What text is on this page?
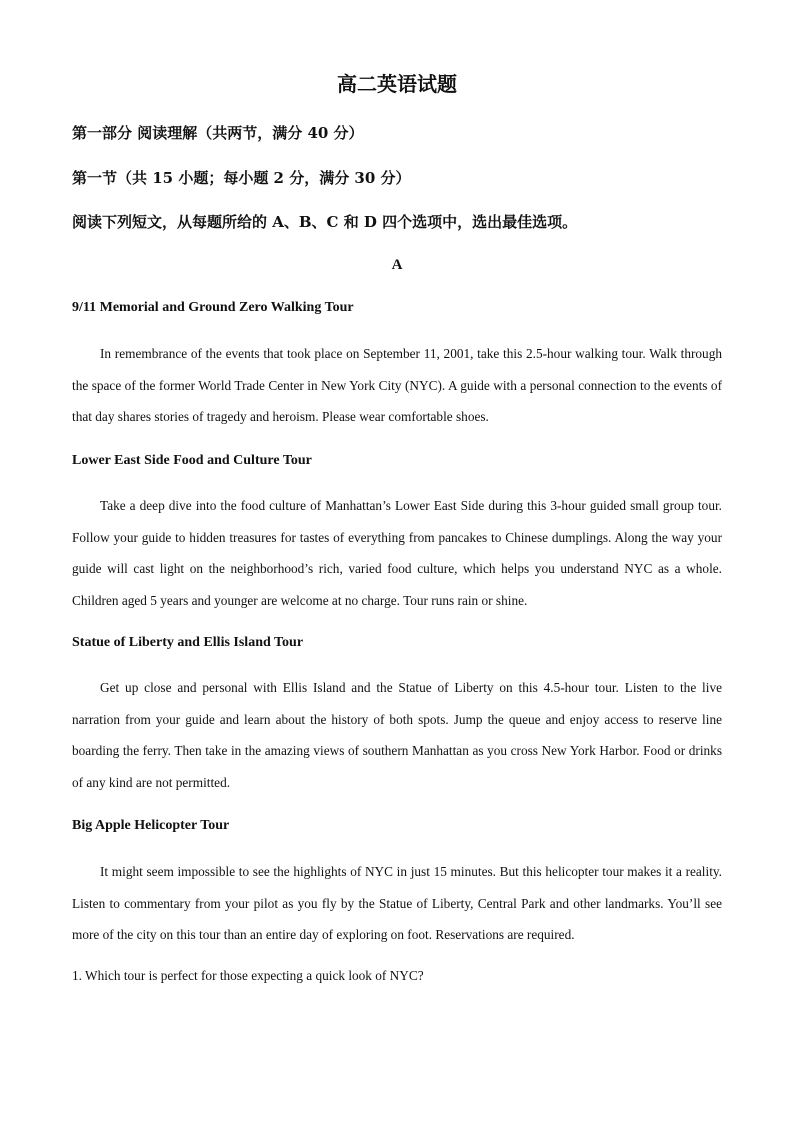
高二英语试题

第一部分 阅读理解（共两节，满分 40 分）

第一节（共 15 小题；每小题 2 分，满分 30 分）

阅读下列短文，从每题所给的 A、B、C 和 D 四个选项中，选出最佳选项。

A

9/11 Memorial and Ground Zero Walking Tour

In remembrance of the events that took place on September 11, 2001, take this 2.5-hour walking tour. Walk through the space of the former World Trade Center in New York City (NYC). A guide with a personal connection to the events of that day shares stories of tragedy and heroism. Please wear comfortable shoes.

Lower East Side Food and Culture Tour

Take a deep dive into the food culture of Manhattan’s Lower East Side during this 3-hour guided small group tour. Follow your guide to hidden treasures for tastes of everything from pancakes to Chinese dumplings. Along the way your guide will cast light on the neighborhood’s rich, varied food culture, which helps you understand NYC as a whole. Children aged 5 years and younger are welcome at no charge. Tour runs rain or shine.

Statue of Liberty and Ellis Island Tour

Get up close and personal with Ellis Island and the Statue of Liberty on this 4.5-hour tour. Listen to the live narration from your guide and learn about the history of both spots. Jump the queue and enjoy access to reserve line boarding the ferry. Then take in the amazing views of southern Manhattan as you cross New York Harbor. Food or drinks of any kind are not permitted.

Big Apple Helicopter Tour

It might seem impossible to see the highlights of NYC in just 15 minutes. But this helicopter tour makes it a reality. Listen to commentary from your pilot as you fly by the Statue of Liberty, Central Park and other landmarks. You’ll see more of the city on this tour than an entire day of exploring on foot. Reservations are required.

1. Which tour is perfect for those expecting a quick look of NYC?
